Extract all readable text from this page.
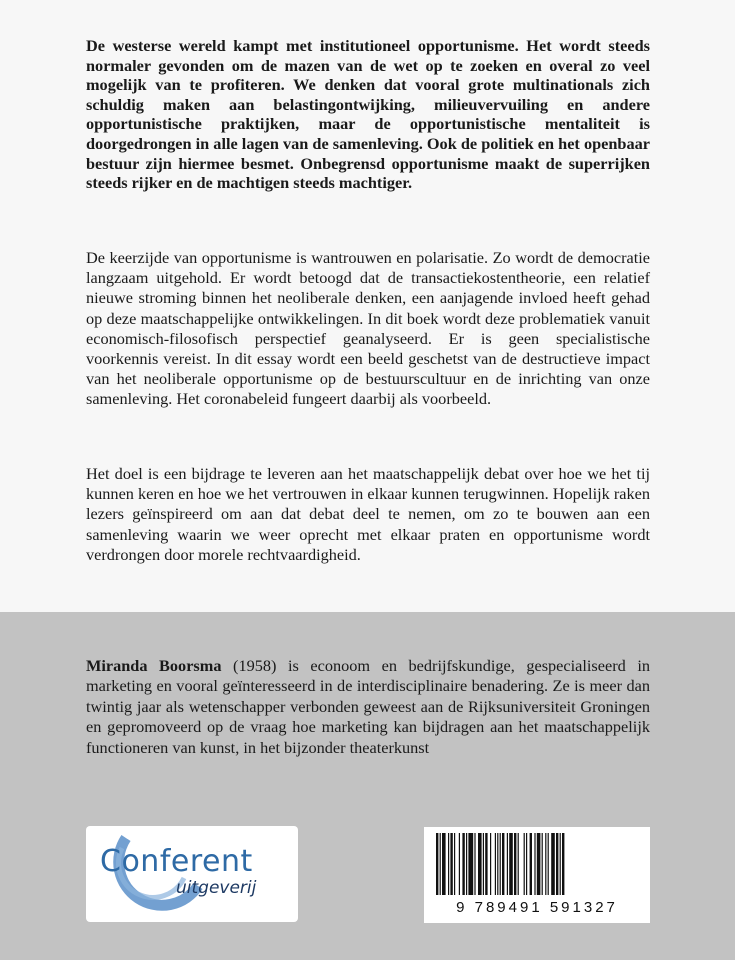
De westerse wereld kampt met institutioneel opportunisme. Het wordt steeds normaler gevonden om de mazen van de wet op te zoeken en overal zo veel mogelijk van te profiteren. We denken dat vooral grote multinationals zich schuldig maken aan belastingontwijking, milieuvervuiling en andere opportunistische praktijken, maar de opportunistische mentaliteit is doorgedrongen in alle lagen van de samenleving. Ook de politiek en het openbaar bestuur zijn hiermee besmet. Onbegrensd opportunisme maakt de superrijken steeds rijker en de machtigen steeds machtiger.

De keerzijde van opportunisme is wantrouwen en polarisatie. Zo wordt de democratie langzaam uitgehold. Er wordt betoogd dat de transactiekostentheorie, een relatief nieuwe stroming binnen het neoliberale denken, een aanjagende invloed heeft gehad op deze maatschappelijke ontwikkelingen. In dit boek wordt deze problematiek vanuit economisch-filosofisch perspectief geanalyseerd. Er is geen specialistische voorkennis vereist. In dit essay wordt een beeld geschetst van de destructieve impact van het neoliberale opportunisme op de bestuurscultuur en de inrichting van onze samenleving. Het coronabeleid fungeert daarbij als voorbeeld.

Het doel is een bijdrage te leveren aan het maatschappelijk debat over hoe we het tij kunnen keren en hoe we het vertrouwen in elkaar kunnen terugwinnen. Hopelijk raken lezers geïnspireerd om aan dat debat deel te nemen, om zo te bouwen aan een samenleving waarin we weer oprecht met elkaar praten en opportunisme wordt verdrongen door morele rechtvaardigheid.

Miranda Boorsma (1958) is econoom en bedrijfskundige, gespecialiseerd in marketing en vooral geïnteresseerd in de interdisciplinaire benadering. Ze is meer dan twintig jaar als wetenschapper verbonden geweest aan de Rijksuniversiteit Groningen en gepromoveerd op de vraag hoe marketing kan bijdragen aan het maatschappelijk functioneren van kunst, in het bijzonder theaterkunst

Conferent
uitgeverij
9 789491 591327
